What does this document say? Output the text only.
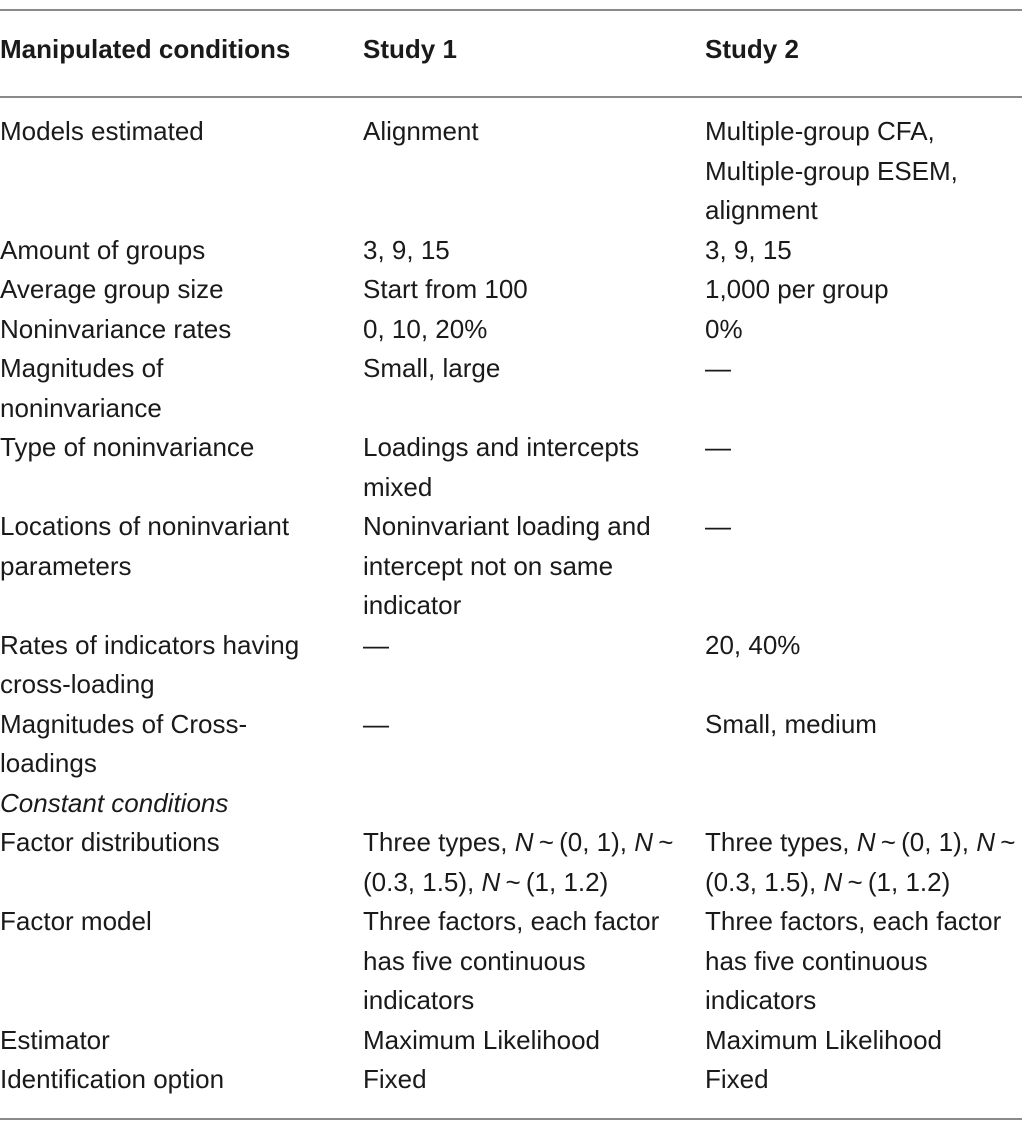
Manipulated conditions	Study 1	Study 2
Models estimated	Alignment	Multiple-group CFA, Multiple-group ESEM, alignment
Amount of groups	3, 9, 15	3, 9, 15
Average group size	Start from 100	1,000 per group
Noninvariance rates	0, 10, 20%	0%
Magnitudes of noninvariance	Small, large	—
Type of noninvariance	Loadings and intercepts mixed	—
Locations of noninvariant parameters	Noninvariant loading and intercept not on same indicator	—
Rates of indicators having cross-loading	—	20, 40%
Magnitudes of Cross-loadings	—	Small, medium
Constant conditions		
Factor distributions	Three types, N ~ (0, 1), N ~ (0.3, 1.5), N ~ (1, 1.2)	Three types, N ~ (0, 1), N ~ (0.3, 1.5), N ~ (1, 1.2)
Factor model	Three factors, each factor has five continuous indicators	Three factors, each factor has five continuous indicators
Estimator	Maximum Likelihood	Maximum Likelihood
Identification option	Fixed	Fixed
